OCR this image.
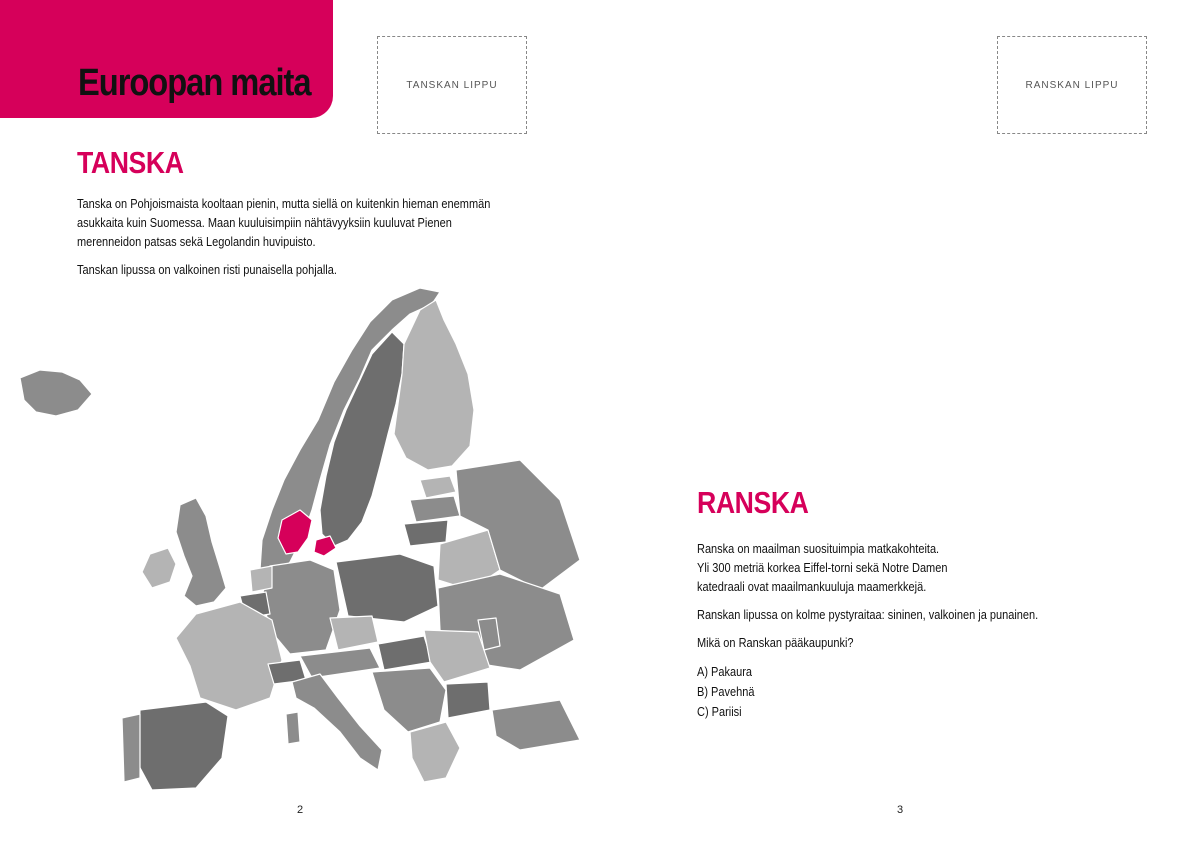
Euroopan maita	TANSKAN LIPPU
TANSKA

Tanska on Pohjoismaista kooltaan pienin, mutta siellä on kuitenkin hieman enemmän asukkaita kuin Suomessa. Maan kuuluisimpiin nähtävyyksiin kuuluvat Pienen merenneidon patsas sekä Legolandin huvipuisto.

Tanskan lipussa on valkoinen risti punaisella pohjalla.

2
RANSKAN LIPPU
RANSKA

Ranska on maailman suosituimpia matkakohteita.
Yli 300 metriä korkea Eiffel-torni sekä Notre Damen
katedraali ovat maailmankuuluja maamerkkejä.

Ranskan lipussa on kolme pystyraitaa: sininen, valkoinen ja punainen.

Mikä on Ranskan pääkaupunki?

A) Pakaura
B) Pavehnä
C) Pariisi
3
